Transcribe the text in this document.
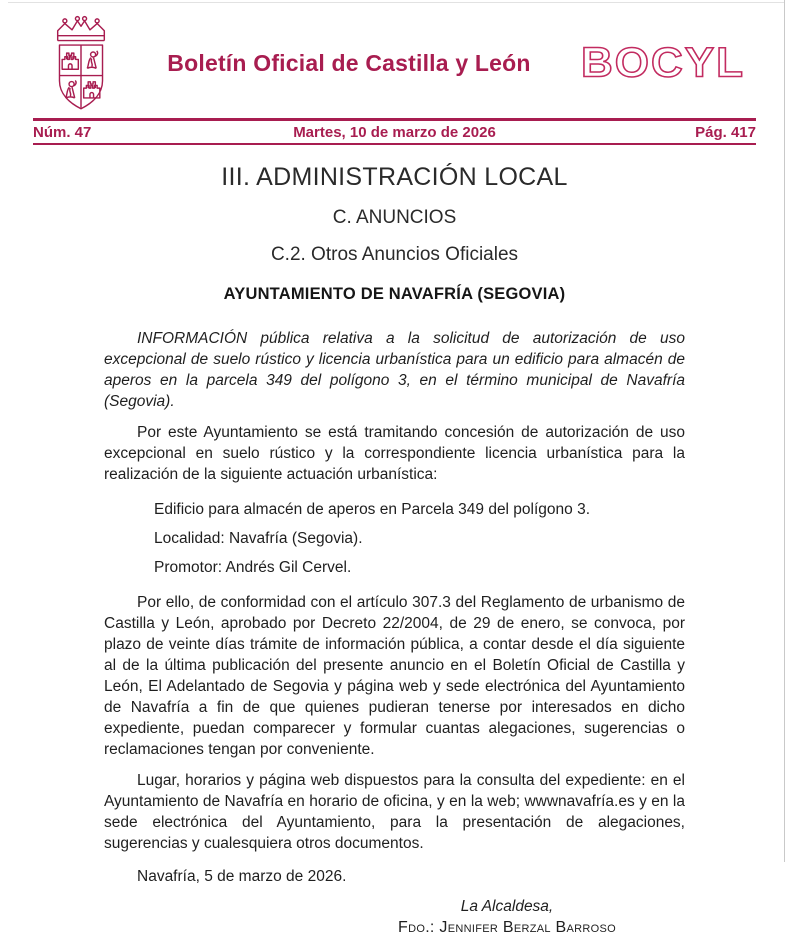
Boletín Oficial de Castilla y León	BOCYL
Núm. 47	Martes, 10 de marzo de 2026	Pág. 417
III. ADMINISTRACIÓN LOCAL
C. ANUNCIOS
C.2. Otros Anuncios Oficiales
AYUNTAMIENTO DE NAVAFRÍA (SEGOVIA)

INFORMACIÓN pública relativa a la solicitud de autorización de uso excepcional de suelo rústico y licencia urbanística para un edificio para almacén de aperos en la parcela 349 del polígono 3, en el término municipal de Navafría (Segovia).

Por este Ayuntamiento se está tramitando concesión de autorización de uso excepcional en suelo rústico y la correspondiente licencia urbanística para la realización de la siguiente actuación urbanística:

Edificio para almacén de aperos en Parcela 349 del polígono 3.

Localidad: Navafría (Segovia).

Promotor: Andrés Gil Cervel.

Por ello, de conformidad con el artículo 307.3 del Reglamento de urbanismo de Castilla y León, aprobado por Decreto 22/2004, de 29 de enero, se convoca, por plazo de veinte días trámite de información pública, a contar desde el día siguiente al de la última publicación del presente anuncio en el Boletín Oficial de Castilla y León, El Adelantado de Segovia y página web y sede electrónica del Ayuntamiento de Navafría a fin de que quienes pudieran tenerse por interesados en dicho expediente, puedan comparecer y formular cuantas alegaciones, sugerencias o reclamaciones tengan por conveniente.

Lugar, horarios y página web dispuestos para la consulta del expediente: en el Ayuntamiento de Navafría en horario de oficina, y en la web; wwwnavafría.es y en la sede electrónica del Ayuntamiento, para la presentación de alegaciones, sugerencias y cualesquiera otros documentos.

Navafría, 5 de marzo de 2026.

La Alcaldesa,
Fdo.: Jennifer Berzal Barroso
